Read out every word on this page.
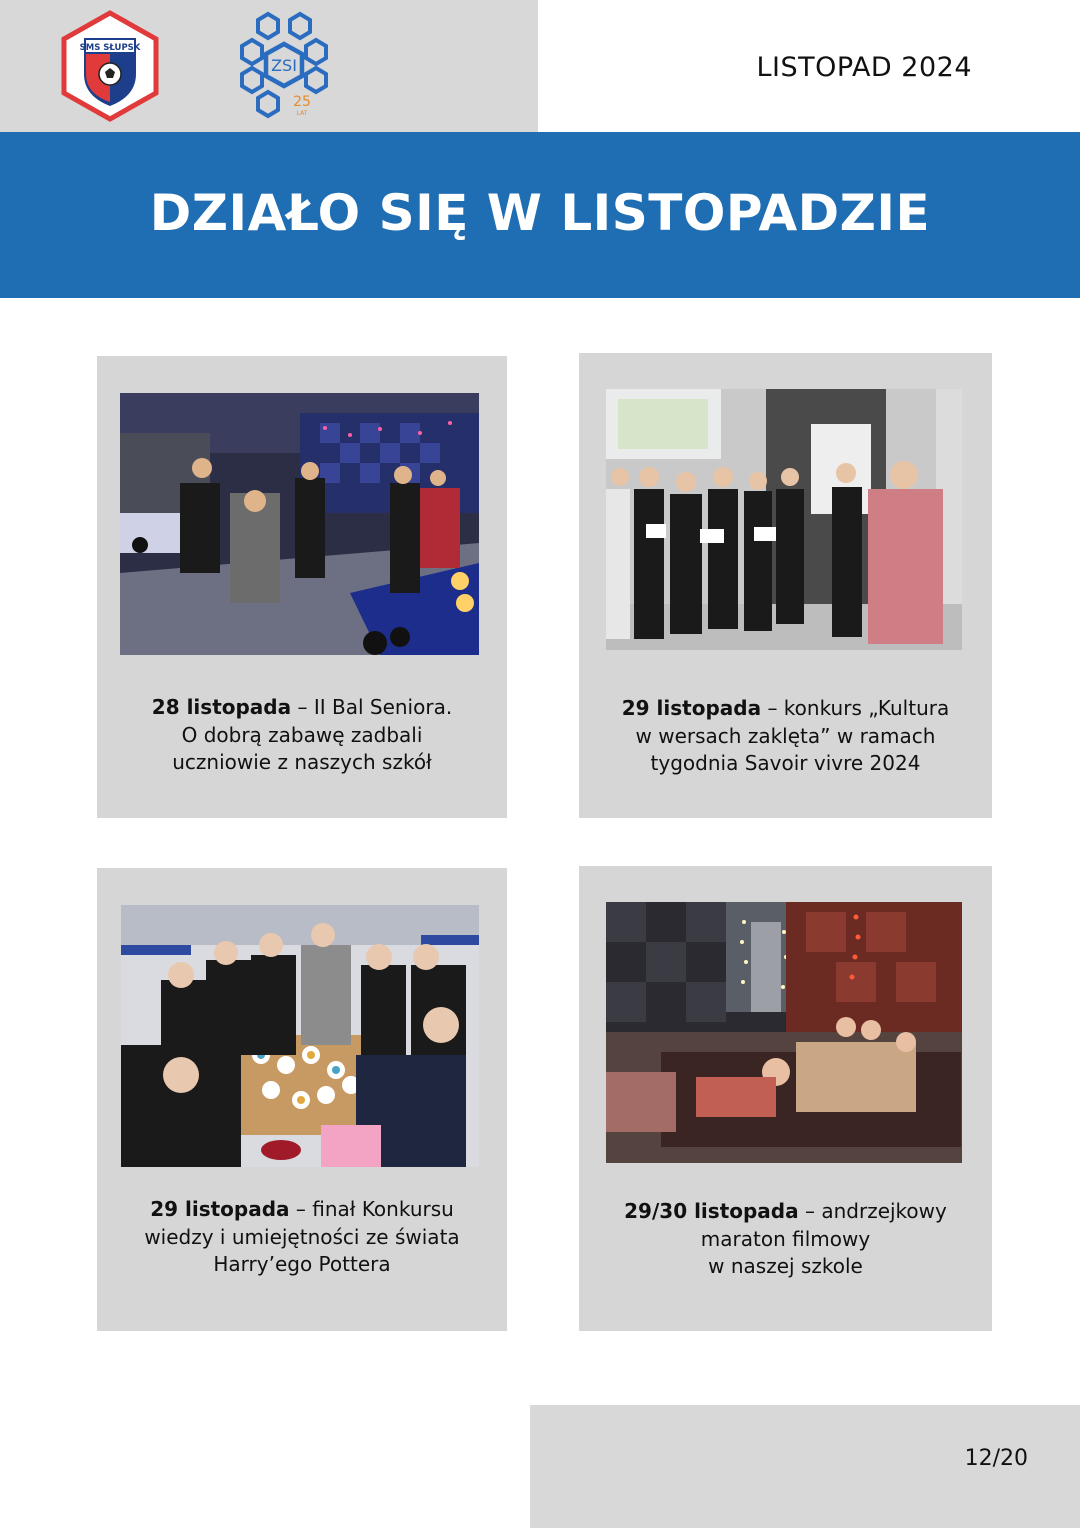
SMS SŁUPSK
ZSI
25
LAT
LISTOPAD 2024
DZIAŁO SIĘ W LISTOPADZIE
28 listopada – II Bal Seniora.
O dobrą zabawę zadbali
uczniowie z naszych szkół
29 listopada – konkurs „Kultura
w wersach zaklęta” w ramach
tygodnia Savoir vivre 2024
29 listopada – finał Konkursu
wiedzy i umiejętności ze świata
Harry’ego Pottera
29/30 listopada – andrzejkowy
maraton filmowy
w naszej szkole
12/20
